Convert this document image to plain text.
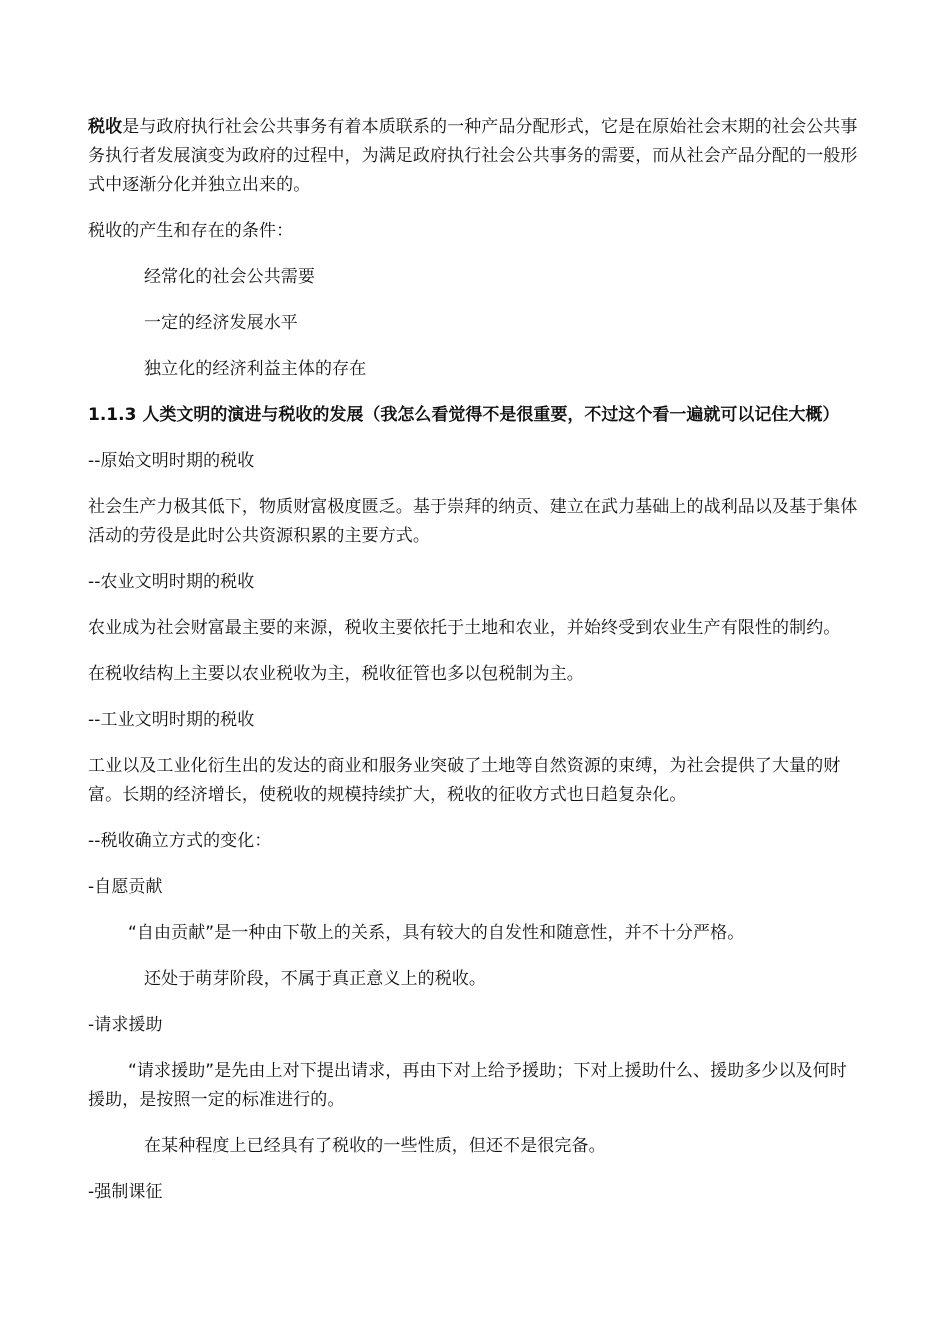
税收是与政府执行社会公共事务有着本质联系的一种产品分配形式，它是在原始社会末期的社会公共事务执行者发展演变为政府的过程中，为满足政府执行社会公共事务的需要，而从社会产品分配的一般形式中逐渐分化并独立出来的。

税收的产生和存在的条件：

经常化的社会公共需要

一定的经济发展水平

独立化的经济利益主体的存在

1.1.3 人类文明的演进与税收的发展（我怎么看觉得不是很重要，不过这个看一遍就可以记住大概）

--原始文明时期的税收

社会生产力极其低下，物质财富极度匮乏。基于崇拜的纳贡、建立在武力基础上的战利品以及基于集体活动的劳役是此时公共资源积累的主要方式。

--农业文明时期的税收

农业成为社会财富最主要的来源，税收主要依托于土地和农业，并始终受到农业生产有限性的制约。

在税收结构上主要以农业税收为主，税收征管也多以包税制为主。

--工业文明时期的税收

工业以及工业化衍生出的发达的商业和服务业突破了土地等自然资源的束缚，为社会提供了大量的财富。长期的经济增长，使税收的规模持续扩大，税收的征收方式也日趋复杂化。

--税收确立方式的变化：

-自愿贡献

“自由贡献”是一种由下敬上的关系，具有较大的自发性和随意性，并不十分严格。

还处于萌芽阶段，不属于真正意义上的税收。

-请求援助

“请求援助”是先由上对下提出请求，再由下对上给予援助；下对上援助什么、援助多少以及何时援助，是按照一定的标准进行的。

在某种程度上已经具有了税收的一些性质，但还不是很完备。

-强制课征
